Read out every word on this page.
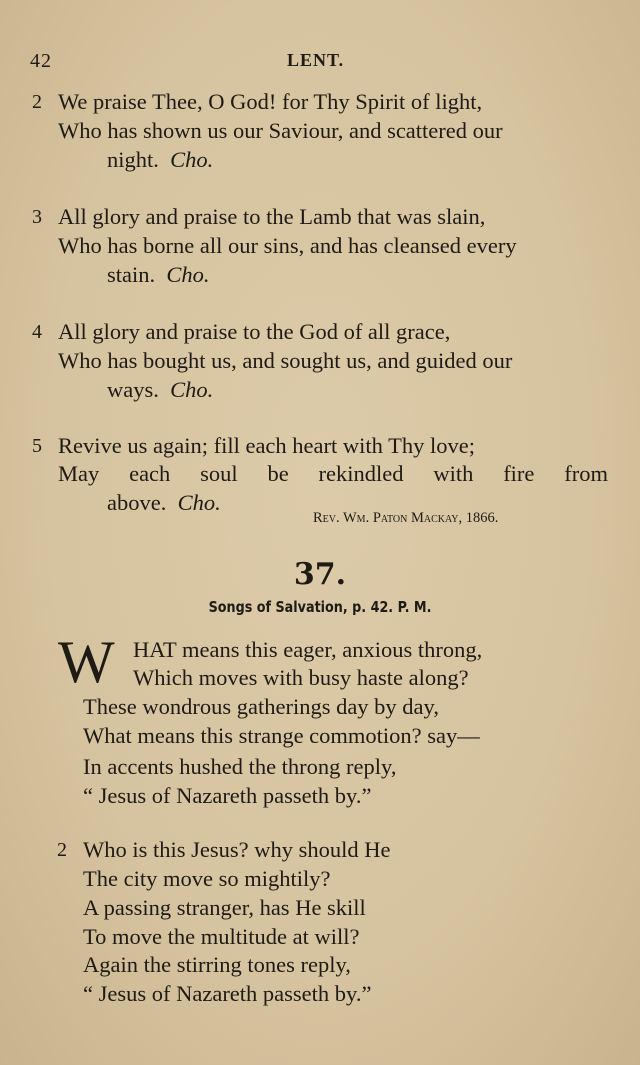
42	LENT.
2 We praise Thee, O God! for Thy Spirit of light,
Who has shown us our Saviour, and scattered our
night. Cho.
3 All glory and praise to the Lamb that was slain,
Who has borne all our sins, and has cleansed every
stain. Cho.
4 All glory and praise to the God of all grace,
Who has bought us, and sought us, and guided our
ways. Cho.
5 Revive us again; fill each heart with Thy love;
May each soul be rekindled with fire from
above. Cho.
Rev. Wm. Paton Mackay, 1866.
37.
Songs of Salvation, p. 42. P. M.
W HAT means this eager, anxious throng,
Which moves with busy haste along?
These wondrous gatherings day by day,
What means this strange commotion? say—
In accents hushed the throng reply,
“ Jesus of Nazareth passeth by.”
2 Who is this Jesus? why should He
The city move so mightily?
A passing stranger, has He skill
To move the multitude at will?
Again the stirring tones reply,
“ Jesus of Nazareth passeth by.”
